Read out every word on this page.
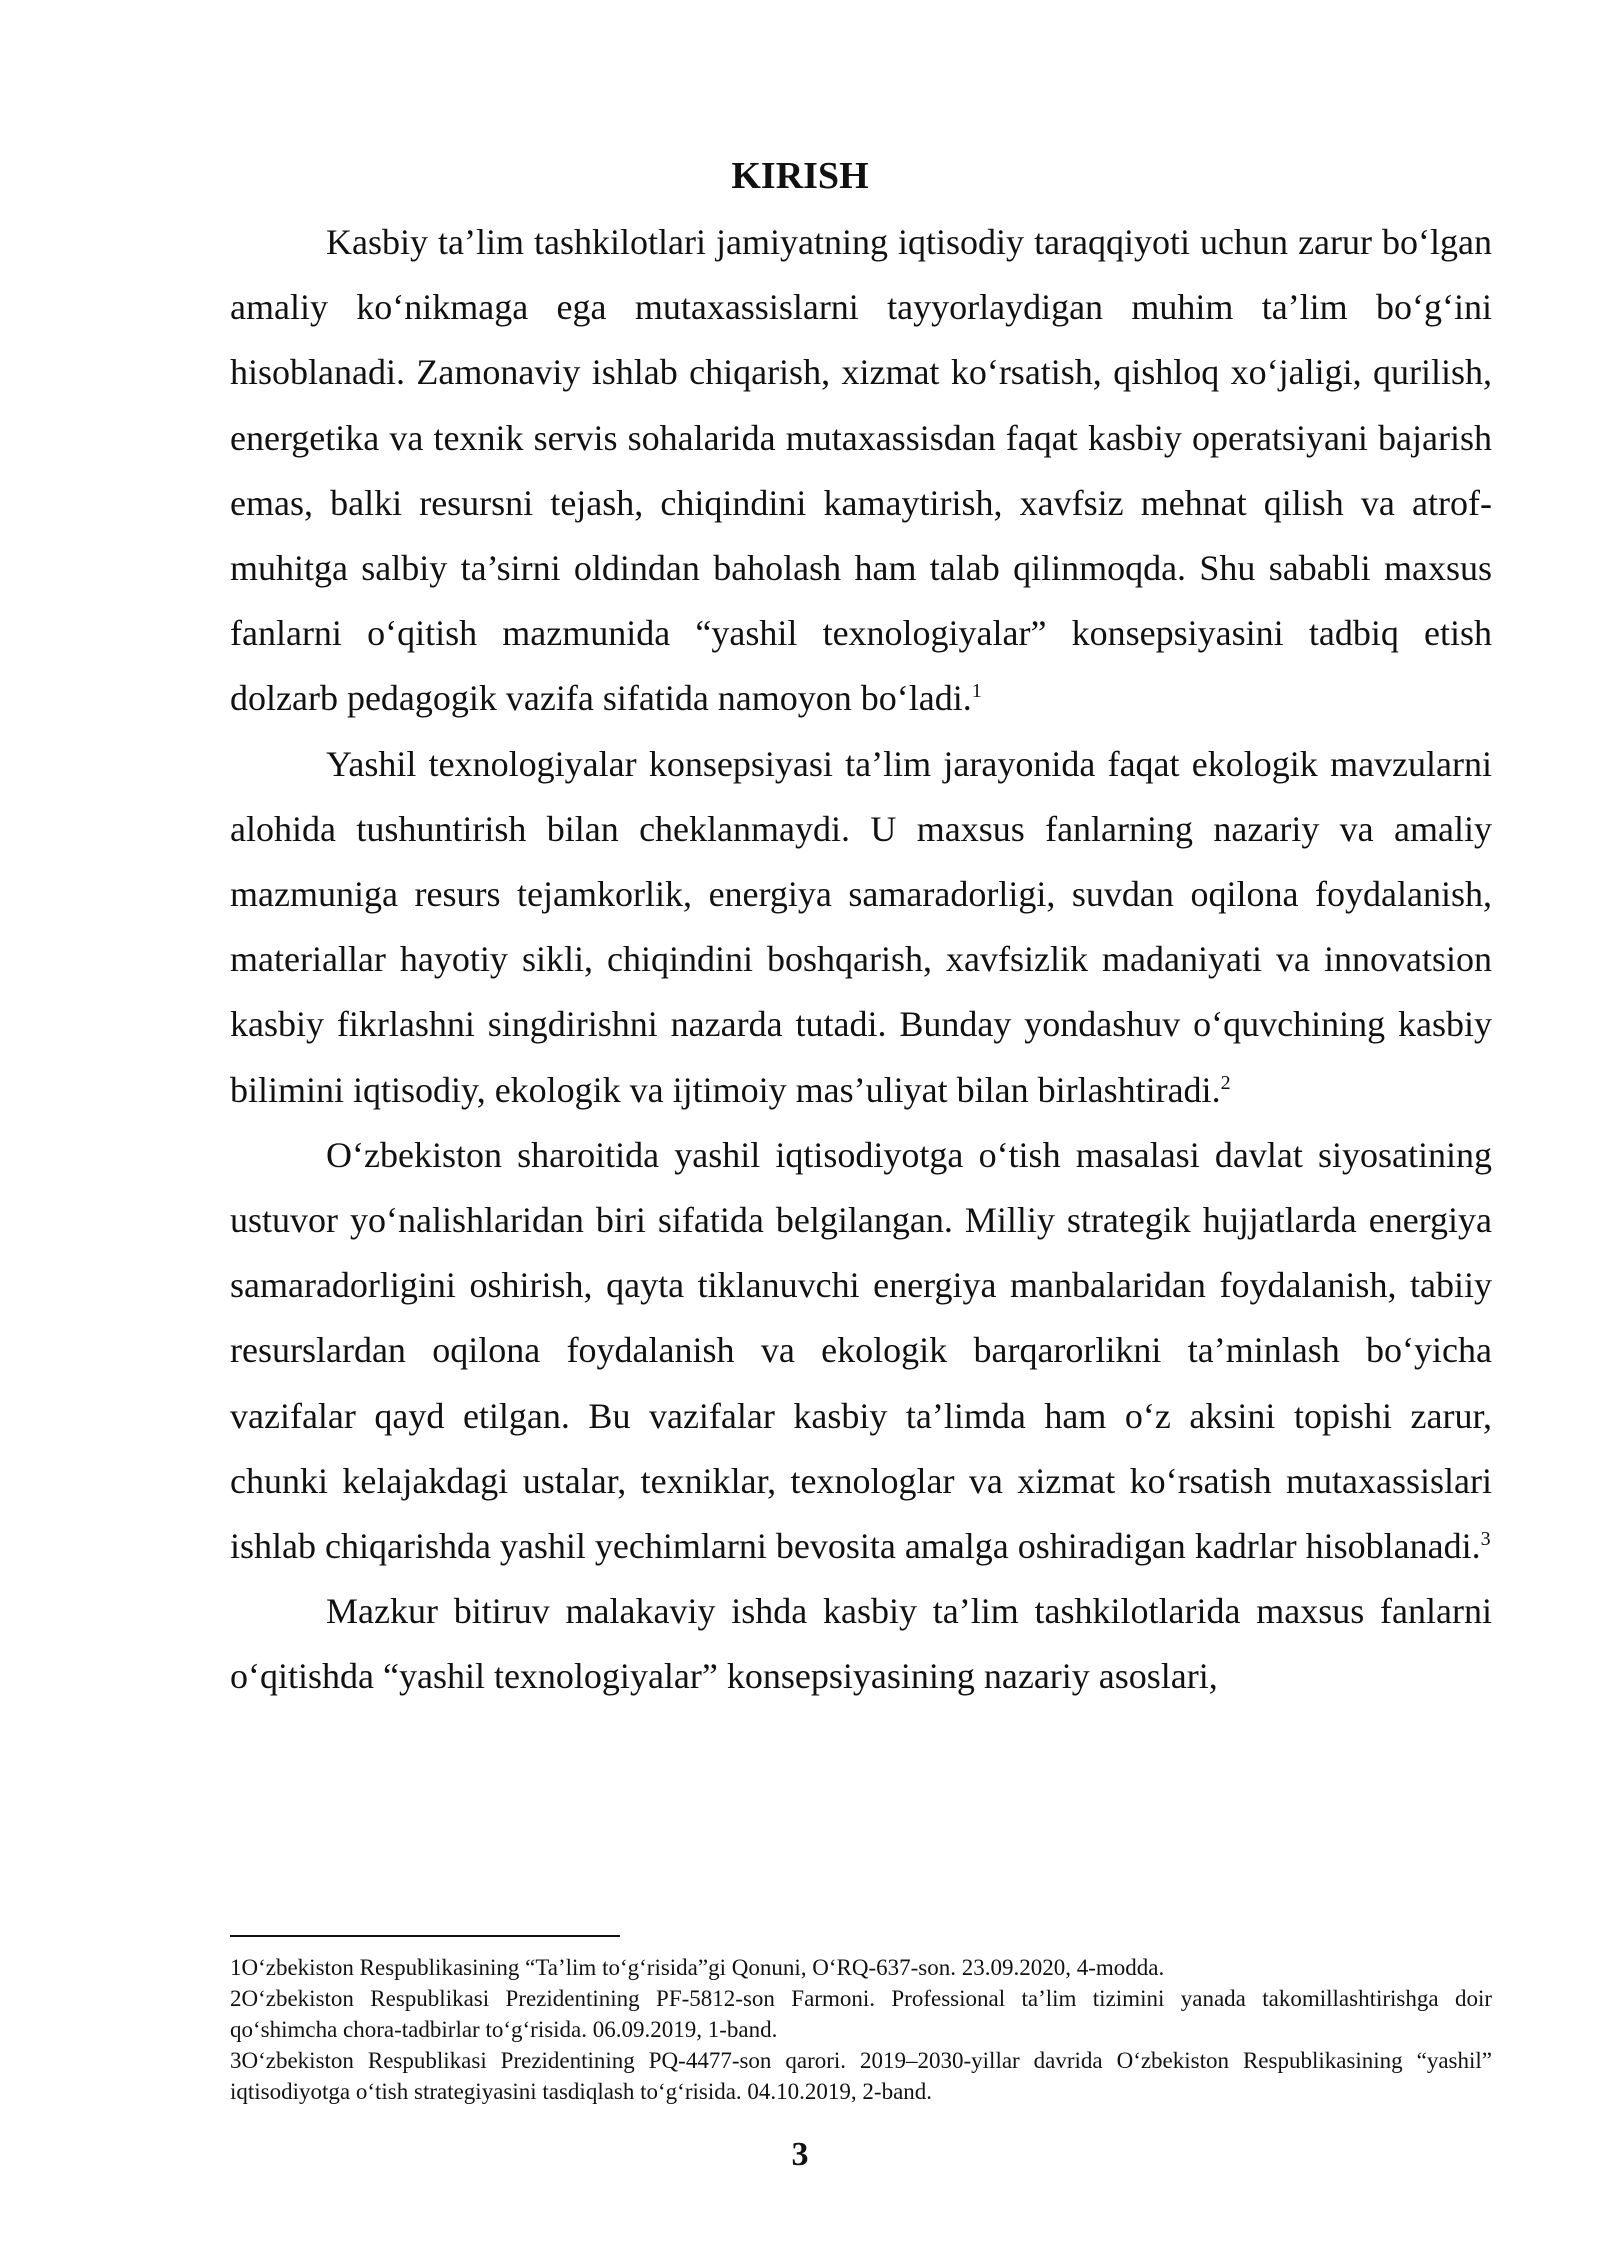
KIRISH

Kasbiy ta’lim tashkilotlari jamiyatning iqtisodiy taraqqiyoti uchun zarur bo‘lgan amaliy ko‘nikmaga ega mutaxassislarni tayyorlaydigan muhim ta’lim bo‘g‘ini hisoblanadi. Zamonaviy ishlab chiqarish, xizmat ko‘rsatish, qishloq xo‘jaligi, qurilish, energetika va texnik servis sohalarida mutaxassisdan faqat kasbiy operatsiyani bajarish emas, balki resursni tejash, chiqindini kamaytirish, xavfsiz mehnat qilish va atrof-muhitga salbiy ta’sirni oldindan baholash ham talab qilinmoqda. Shu sababli maxsus fanlarni o‘qitish mazmunida “yashil texnologiyalar” konsepsiyasini tadbiq etish dolzarb pedagogik vazifa sifatida namoyon bo‘ladi.$^1$

Yashil texnologiyalar konsepsiyasi ta’lim jarayonida faqat ekologik mavzularni alohida tushuntirish bilan cheklanmaydi. U maxsus fanlarning nazariy va amaliy mazmuniga resurs tejamkorlik, energiya samaradorligi, suvdan oqilona foydalanish, materiallar hayotiy sikli, chiqindini boshqarish, xavfsizlik madaniyati va innovatsion kasbiy fikrlashni singdirishni nazarda tutadi. Bunday yondashuv o‘quvchining kasbiy bilimini iqtisodiy, ekologik va ijtimoiy mas’uliyat bilan birlashtiradi.$^2$

O‘zbekiston sharoitida yashil iqtisodiyotga o‘tish masalasi davlat siyosatining ustuvor yo‘nalishlaridan biri sifatida belgilangan. Milliy strategik hujjatlarda energiya samaradorligini oshirish, qayta tiklanuvchi energiya manbalaridan foydalanish, tabiiy resurslardan oqilona foydalanish va ekologik barqarorlikni ta’minlash bo‘yicha vazifalar qayd etilgan. Bu vazifalar kasbiy ta’limda ham o‘z aksini topishi zarur, chunki kelajakdagi ustalar, texniklar, texnologlar va xizmat ko‘rsatish mutaxassislari ishlab chiqarishda yashil yechimlarni bevosita amalga oshiradigan kadrlar hisoblanadi.$^3$

Mazkur bitiruv malakaviy ishda kasbiy ta’lim tashkilotlarida maxsus fanlarni o‘qitishda “yashil texnologiyalar” konsepsiyasining nazariy asoslari,

1O‘zbekiston Respublikasining “Ta’lim to‘g‘risida”gi Qonuni, O‘RQ-637-son. 23.09.2020, 4-modda.

2O‘zbekiston Respublikasi Prezidentining PF-5812-son Farmoni. Professional ta’lim tizimini yanada takomillashtirishga doir qo‘shimcha chora-tadbirlar to‘g‘risida. 06.09.2019, 1-band.

3O‘zbekiston Respublikasi Prezidentining PQ-4477-son qarori. 2019–2030-yillar davrida O‘zbekiston Respublikasining “yashil” iqtisodiyotga o‘tish strategiyasini tasdiqlash to‘g‘risida. 04.10.2019, 2-band.

3
